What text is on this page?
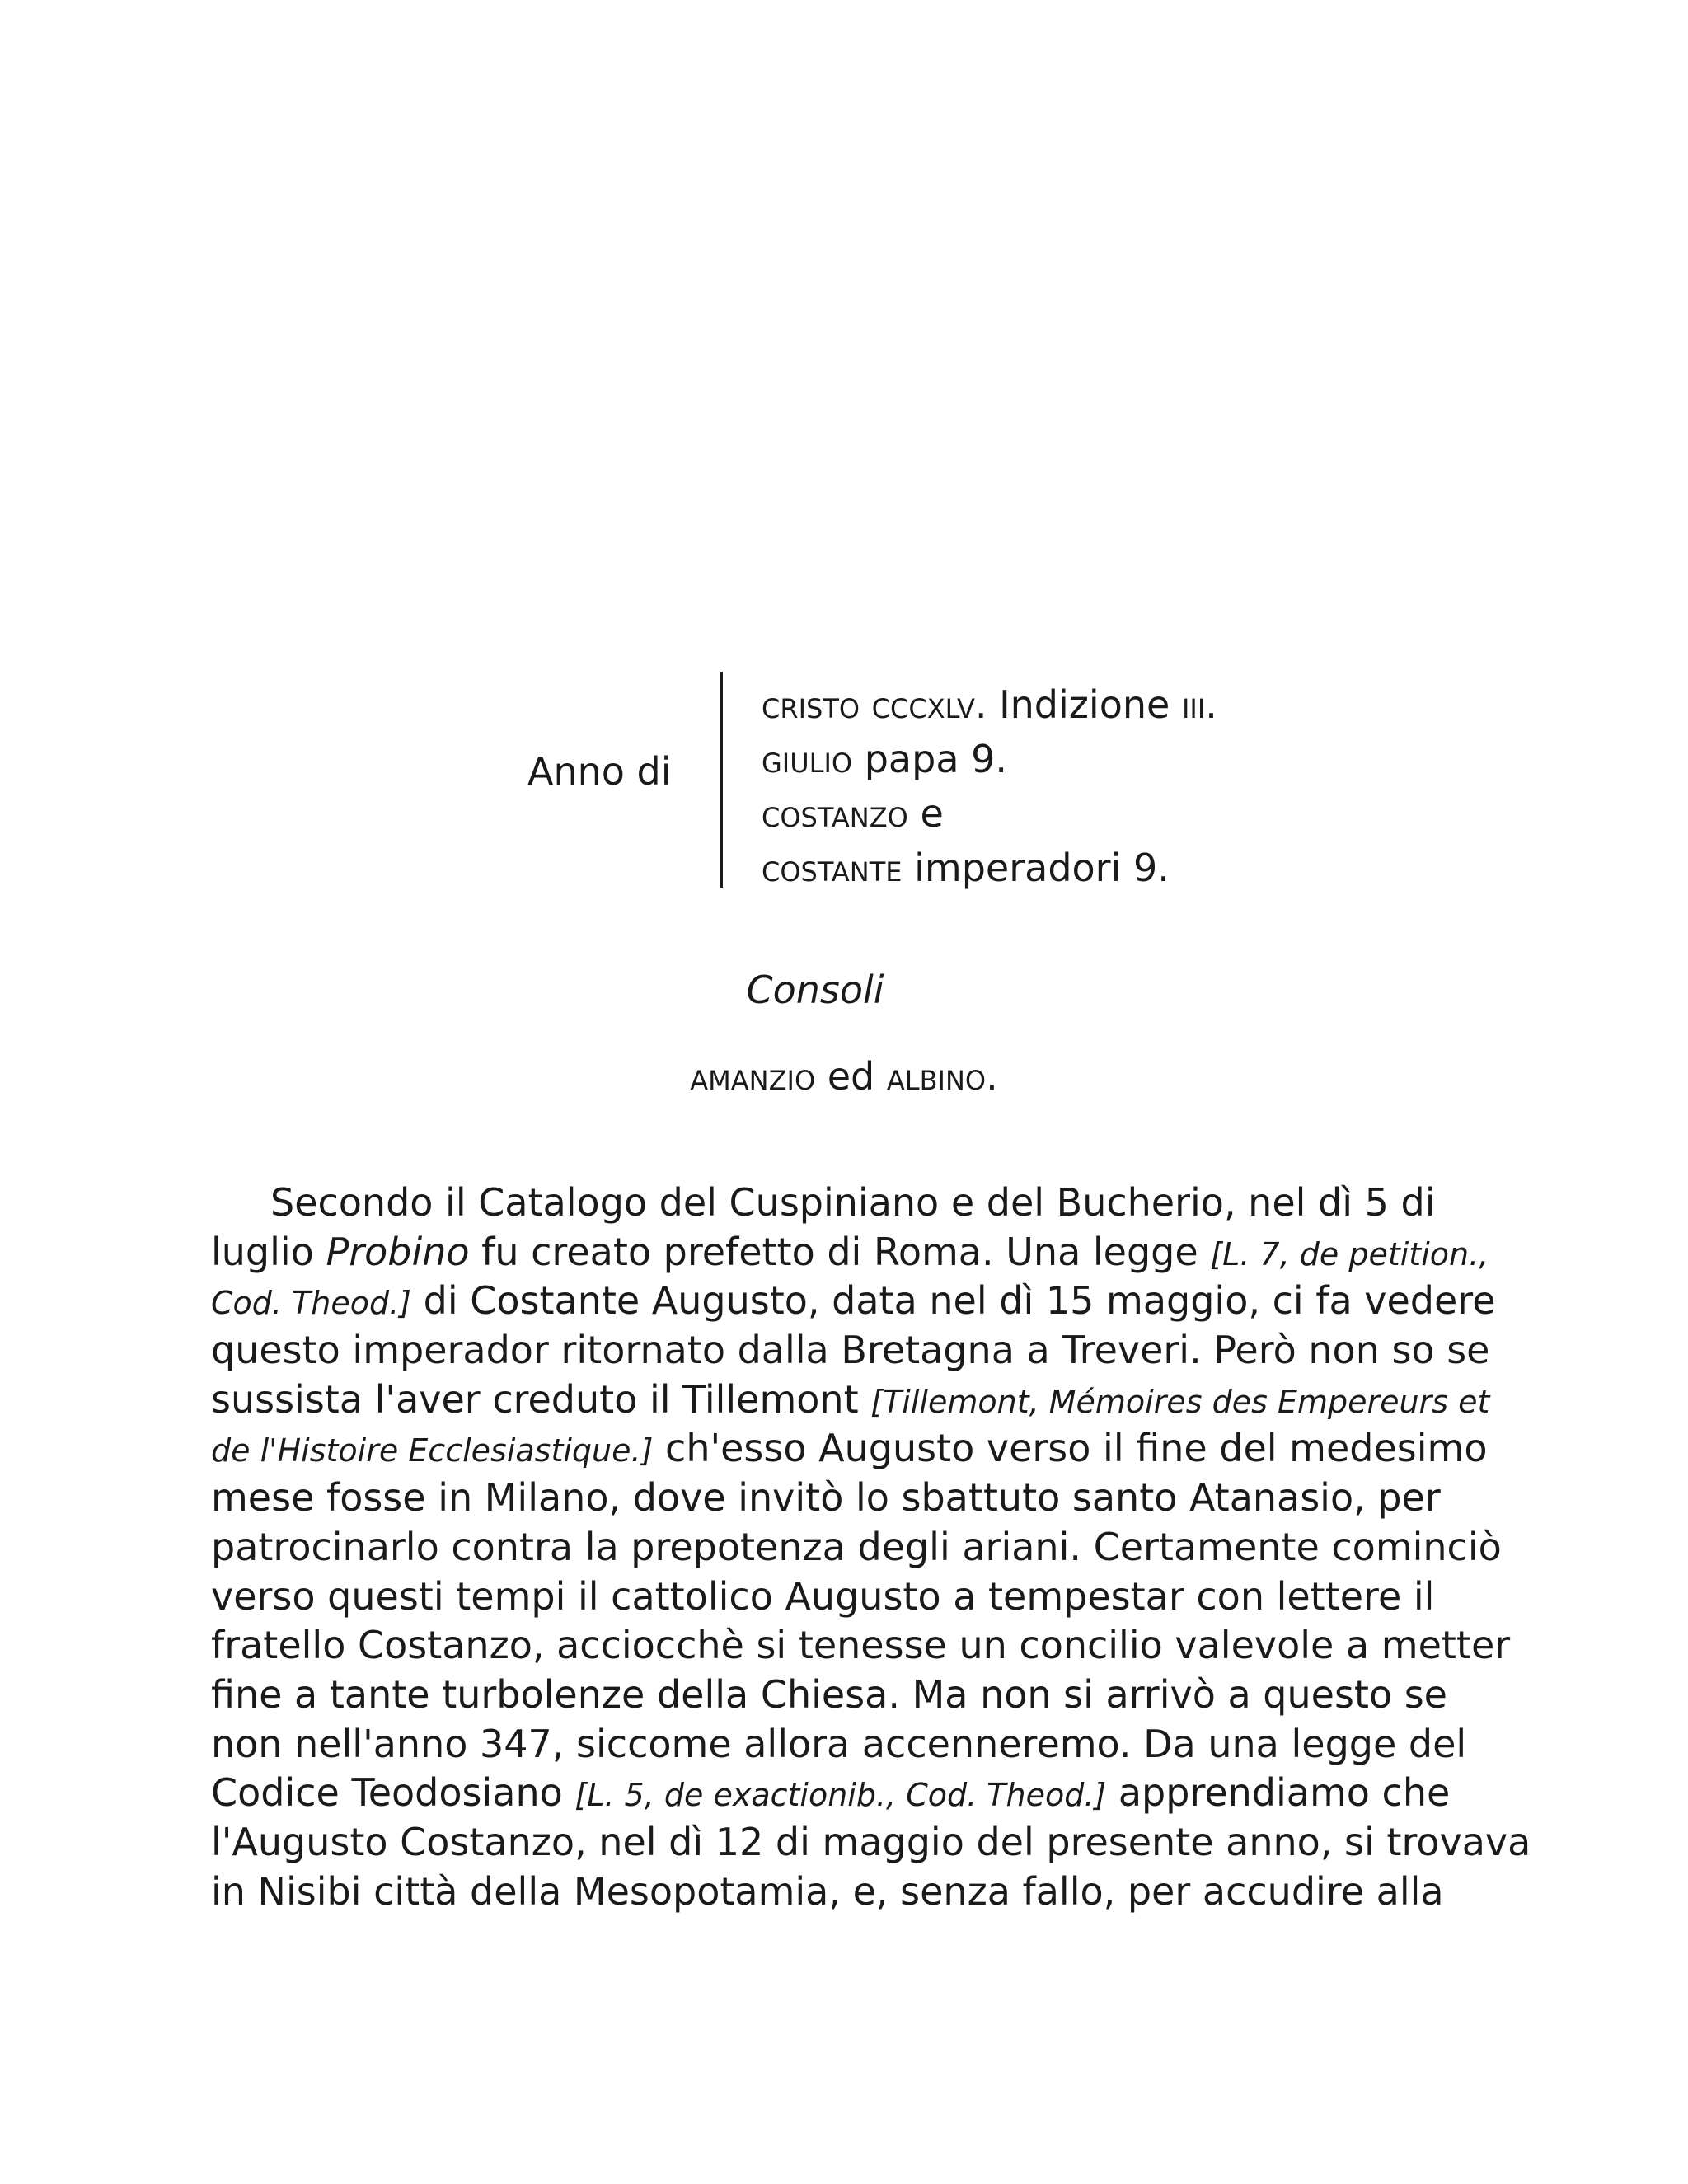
Anno di
cristo cccxlv. Indizione iii.
giulio papa 9.
costanzo e
costante imperadori 9.
Consoli
amanzio ed albino.
Secondo il Catalogo del Cuspiniano e del Bucherio, nel dì 5 di
luglio Probino fu creato prefetto di Roma. Una legge [L. 7, de petition.,
Cod. Theod.] di Costante Augusto, data nel dì 15 maggio, ci fa vedere
questo imperador ritornato dalla Bretagna a Treveri. Però non so se
sussista l'aver creduto il Tillemont [Tillemont, Mémoires des Empereurs et
de l'Histoire Ecclesiastique.] ch'esso Augusto verso il fine del medesimo
mese fosse in Milano, dove invitò lo sbattuto santo Atanasio, per
patrocinarlo contra la prepotenza degli ariani. Certamente cominciò
verso questi tempi il cattolico Augusto a tempestar con lettere il
fratello Costanzo, acciocchè si tenesse un concilio valevole a metter
fine a tante turbolenze della Chiesa. Ma non si arrivò a questo se
non nell'anno 347, siccome allora accenneremo. Da una legge del
Codice Teodosiano [L. 5, de exactionib., Cod. Theod.] apprendiamo che
l'Augusto Costanzo, nel dì 12 di maggio del presente anno, si trovava
in Nisibi città della Mesopotamia, e, senza fallo, per accudire alla
